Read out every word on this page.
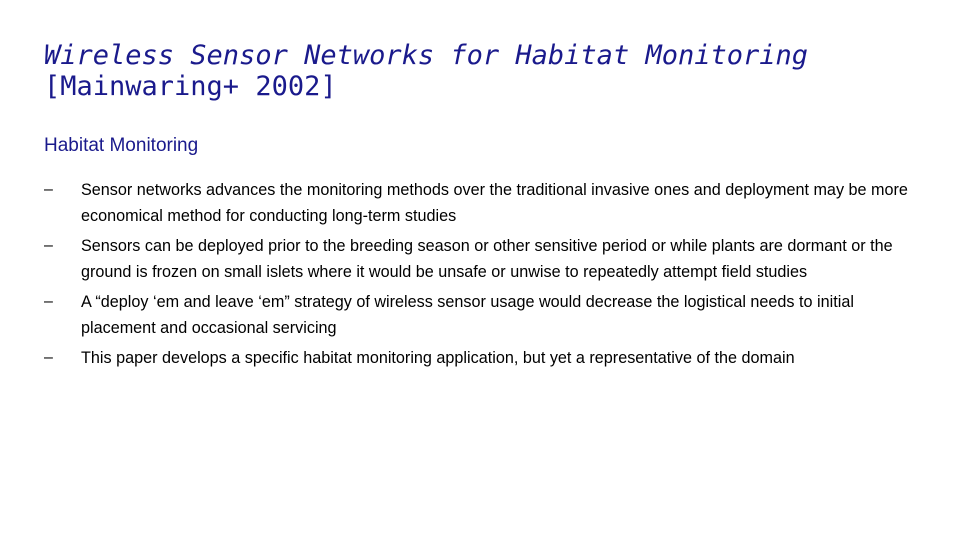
Wireless Sensor Networks for Habitat Monitoring
[Mainwaring+ 2002]

Habitat Monitoring

–	Sensor networks advances the monitoring methods over the traditional invasive ones and deployment may be more economical method for conducting long-term studies
–	Sensors can be deployed prior to the breeding season or other sensitive period or while plants are dormant or the ground is frozen on small islets where it would be unsafe or unwise to repeatedly attempt field studies
–	A “deploy ‘em and leave ‘em” strategy of wireless sensor usage would decrease the logistical needs to initial placement and occasional servicing
–	This paper develops a specific habitat monitoring application, but yet a representative of the domain
